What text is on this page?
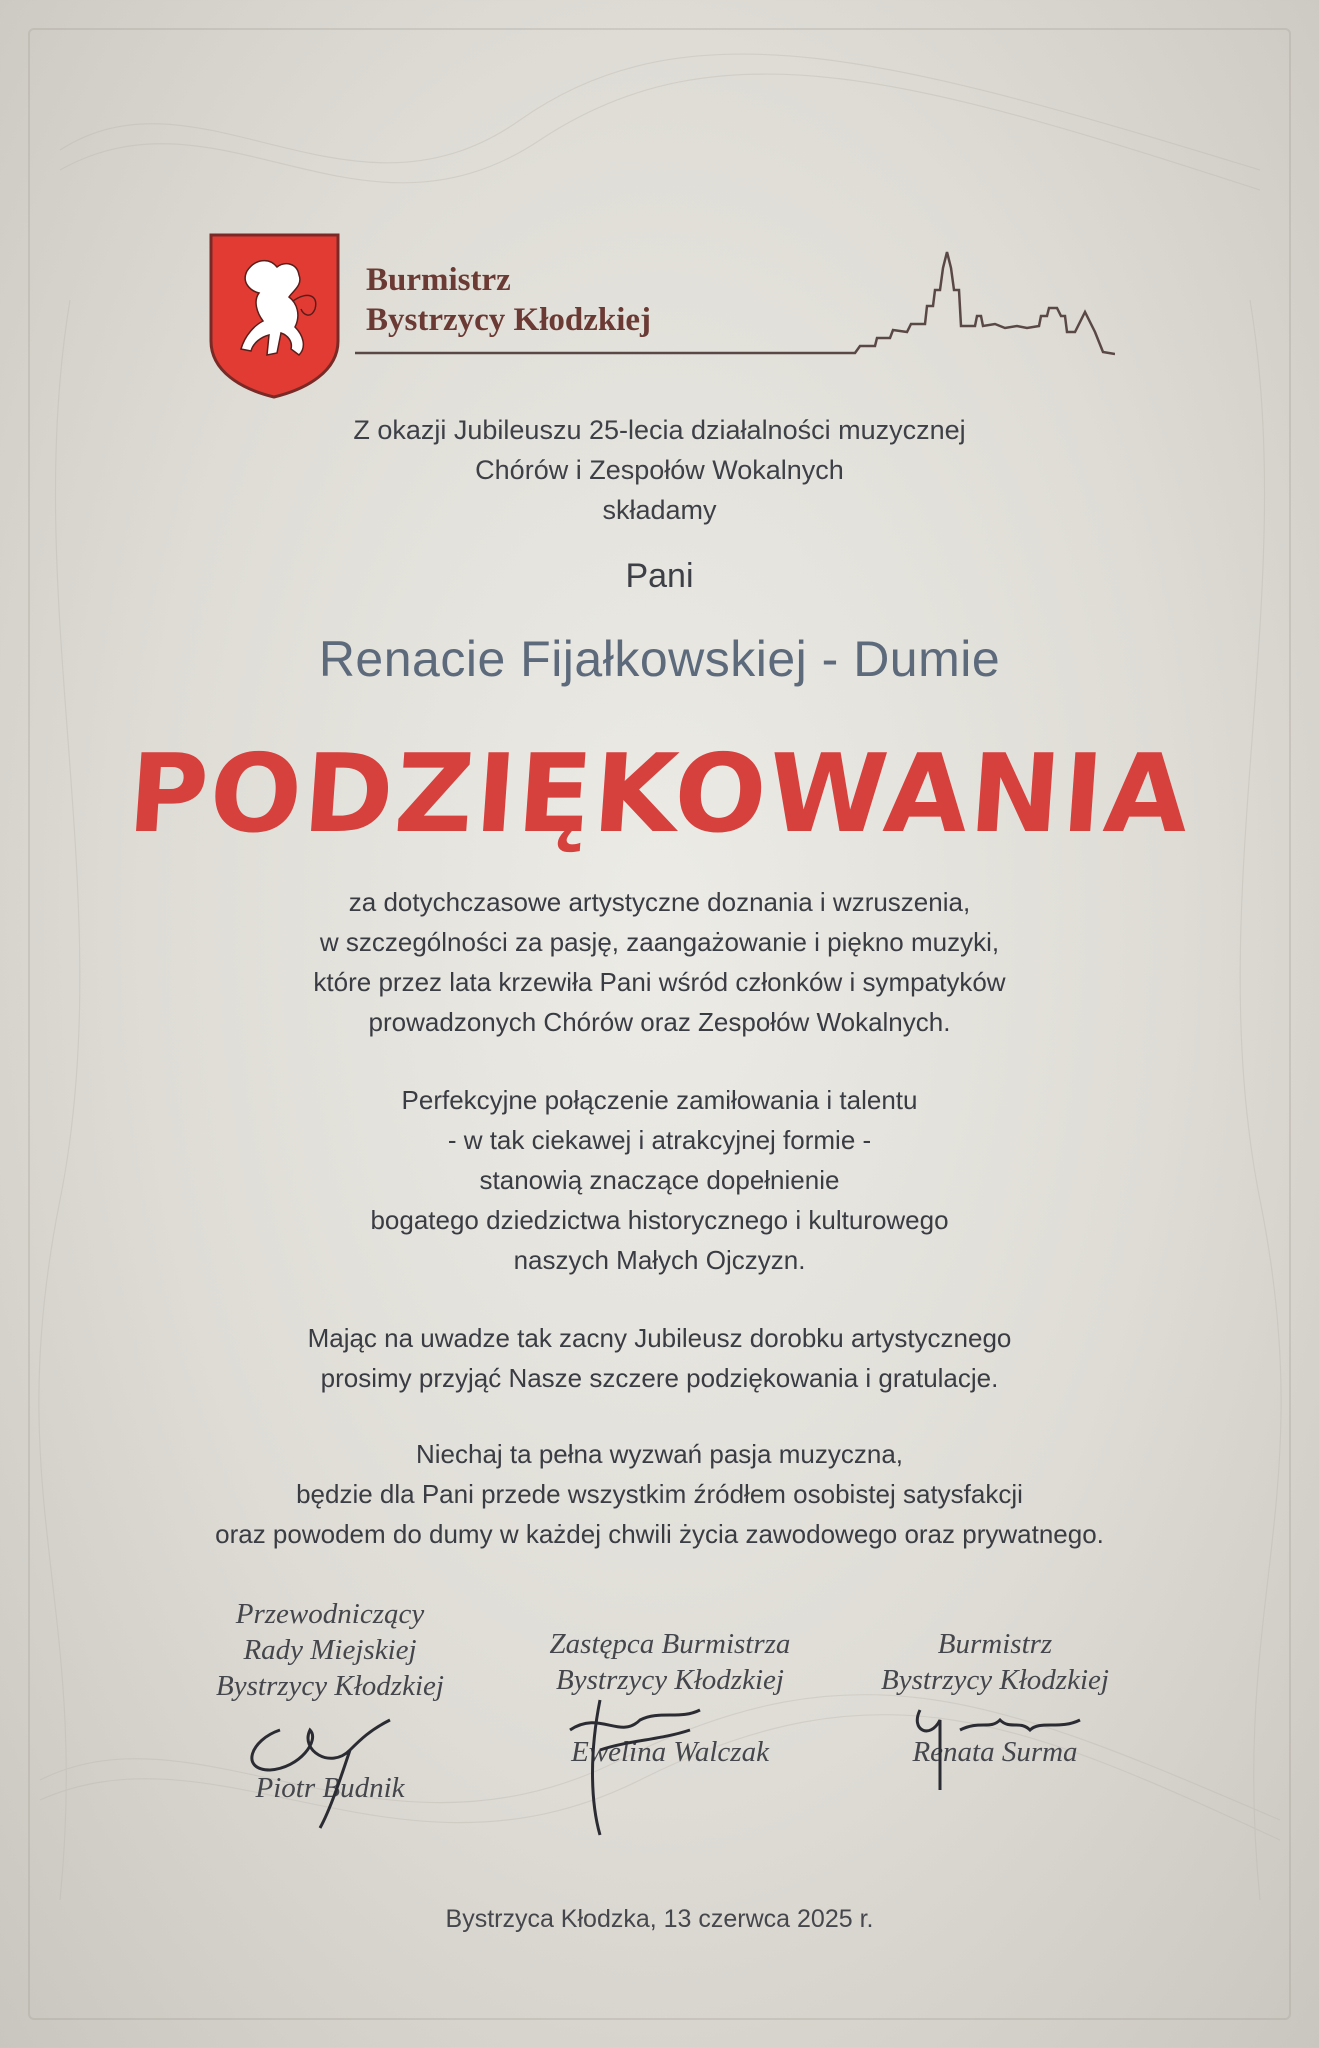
Burmistrz
Bystrzycy Kłodzkiej
Z okazji Jubileuszu 25-lecia działalności muzycznej
Chórów i Zespołów Wokalnych
składamy
Pani
Renacie Fijałkowskiej - Dumie
PODZIĘKOWANIA
za dotychczasowe artystyczne doznania i wzruszenia,
w szczególności za pasję, zaangażowanie i piękno muzyki,
które przez lata krzewiła Pani wśród członków i sympatyków
prowadzonych Chórów oraz Zespołów Wokalnych.
Perfekcyjne połączenie zamiłowania i talentu
- w tak ciekawej i atrakcyjnej formie -
stanowią znaczące dopełnienie
bogatego dziedzictwa historycznego i kulturowego
naszych Małych Ojczyzn.
Mając na uwadze tak zacny Jubileusz dorobku artystycznego
prosimy przyjąć Nasze szczere podziękowania i gratulacje.
Niechaj ta pełna wyzwań pasja muzyczna,
będzie dla Pani przede wszystkim źródłem osobistej satysfakcji
oraz powodem do dumy w każdej chwili życia zawodowego oraz prywatnego.
Przewodniczący
Rady Miejskiej
Bystrzycy Kłodzkiej
Piotr Budnik
Zastępca Burmistrza
Bystrzycy Kłodzkiej
Ewelina Walczak
Burmistrz
Bystrzycy Kłodzkiej
Renata Surma
Bystrzyca Kłodzka, 13 czerwca 2025 r.
